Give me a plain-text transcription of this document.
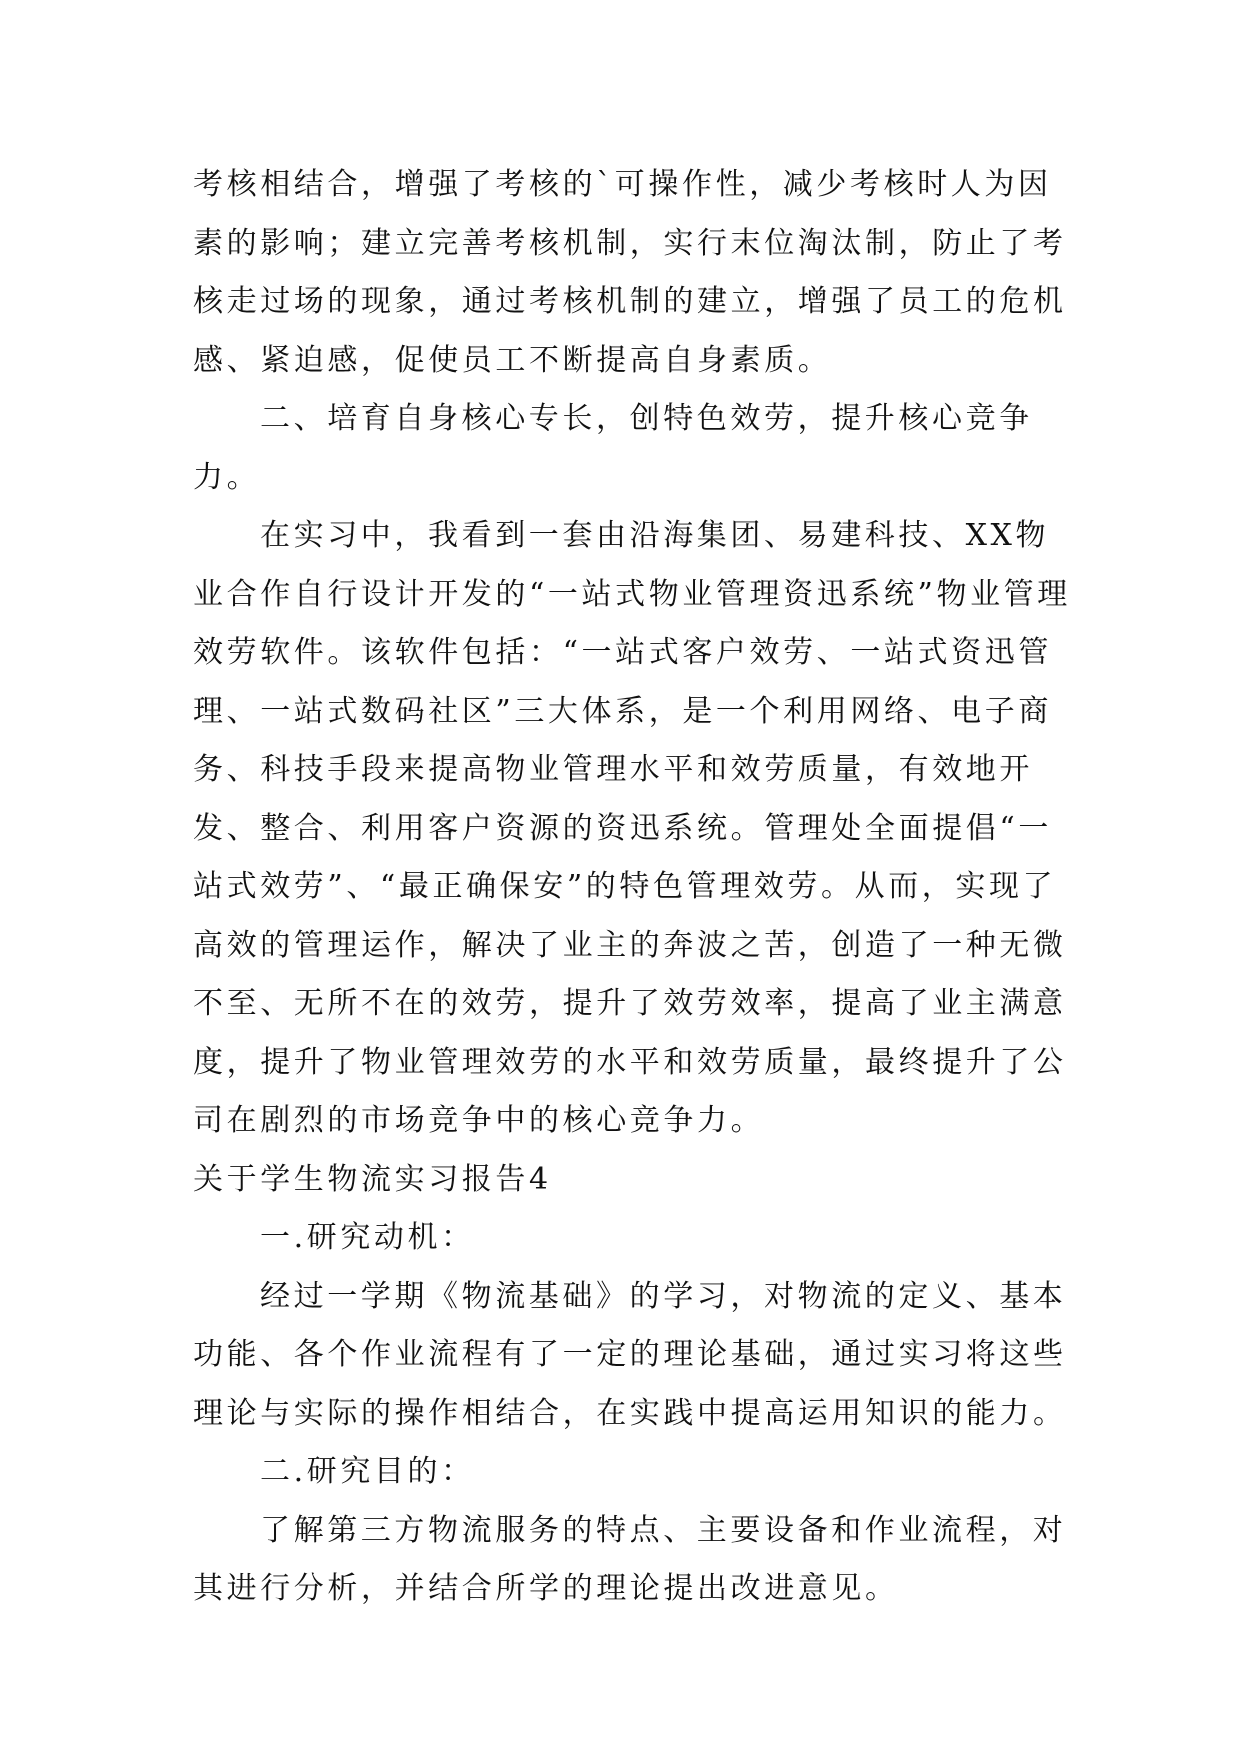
考核相结合，增强了考核的`可操作性，减少考核时人为因素的影响；建立完善考核机制，实行末位淘汰制，防止了考核走过场的现象，通过考核机制的建立，增强了员工的危机感、紧迫感，促使员工不断提高自身素质。

二、培育自身核心专长，创特色效劳，提升核心竞争力。

在实习中，我看到一套由沿海集团、易建科技、XX物业合作自行设计开发的“一站式物业管理资迅系统”物业管理效劳软件。该软件包括：“一站式客户效劳、一站式资迅管理、一站式数码社区”三大体系，是一个利用网络、电子商务、科技手段来提高物业管理水平和效劳质量，有效地开发、整合、利用客户资源的资迅系统。管理处全面提倡“一站式效劳”、“最正确保安”的特色管理效劳。从而，实现了高效的管理运作，解决了业主的奔波之苦，创造了一种无微不至、无所不在的效劳，提升了效劳效率，提高了业主满意度，提升了物业管理效劳的水平和效劳质量，最终提升了公司在剧烈的市场竞争中的核心竞争力。

关于学生物流实习报告4

一.研究动机：

经过一学期《物流基础》的学习，对物流的定义、基本功能、各个作业流程有了一定的理论基础，通过实习将这些理论与实际的操作相结合，在实践中提高运用知识的能力。

二.研究目的：

了解第三方物流服务的特点、主要设备和作业流程，对其进行分析，并结合所学的理论提出改进意见。
